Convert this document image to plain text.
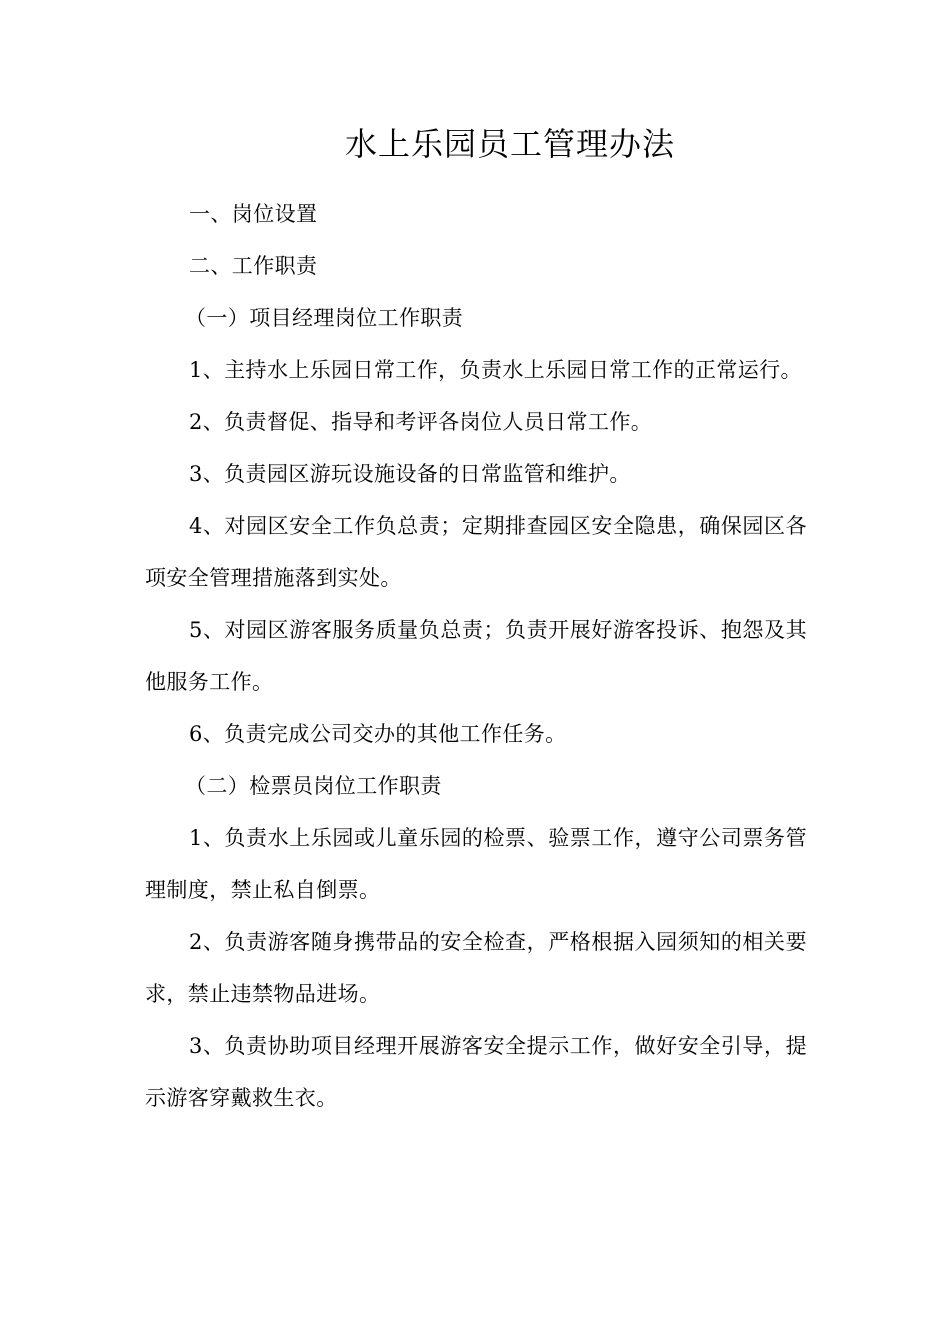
水上乐园员工管理办法

一、岗位设置

二、工作职责

（一）项目经理岗位工作职责

1、主持水上乐园日常工作，负责水上乐园日常工作的正常运行。

2、负责督促、指导和考评各岗位人员日常工作。

3、负责园区游玩设施设备的日常监管和维护。

4、对园区安全工作负总责；定期排查园区安全隐患，确保园区各项安全管理措施落到实处。

5、对园区游客服务质量负总责；负责开展好游客投诉、抱怨及其他服务工作。

6、负责完成公司交办的其他工作任务。

（二）检票员岗位工作职责

1、负责水上乐园或儿童乐园的检票、验票工作，遵守公司票务管理制度，禁止私自倒票。

2、负责游客随身携带品的安全检查，严格根据入园须知的相关要求，禁止违禁物品进场。

3、负责协助项目经理开展游客安全提示工作，做好安全引导，提示游客穿戴救生衣。
